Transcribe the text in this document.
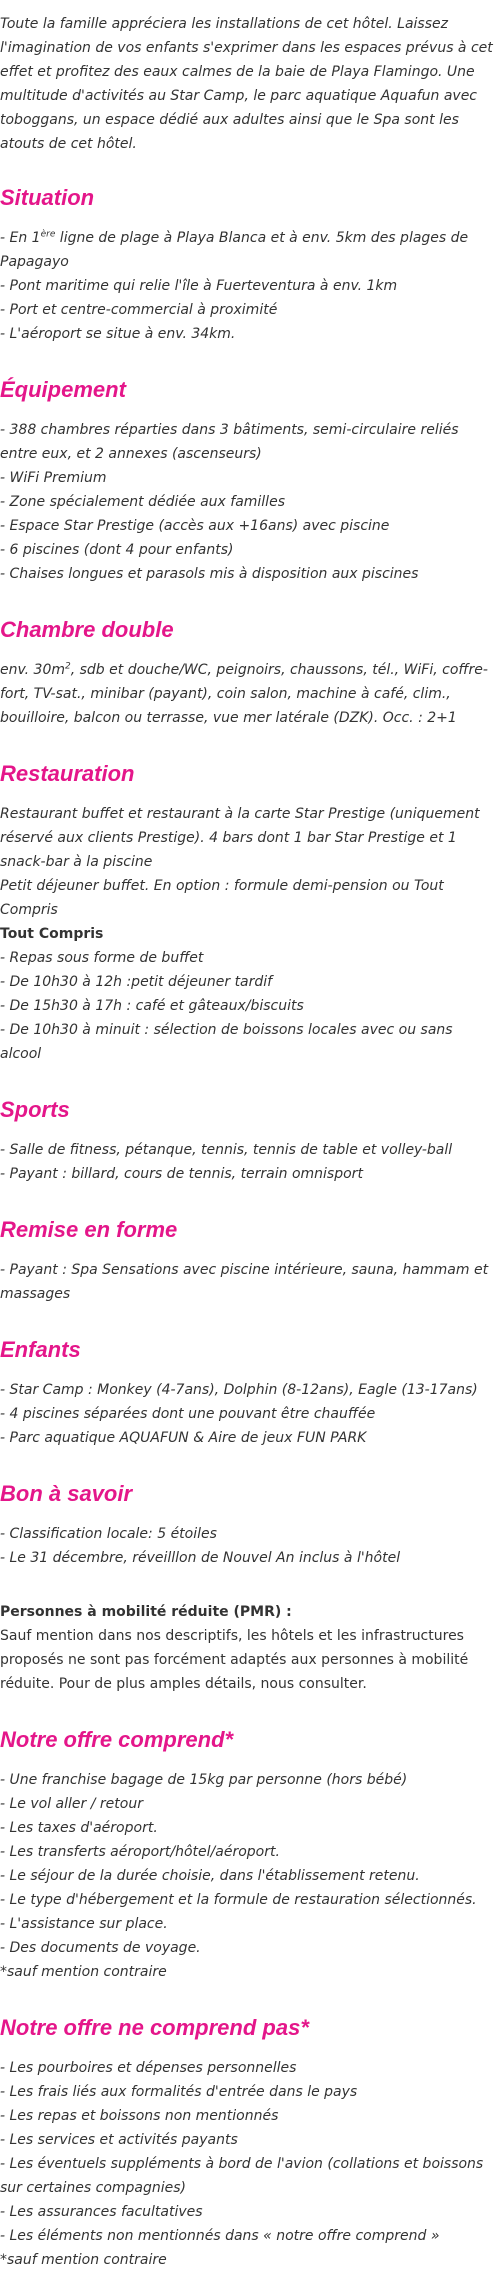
Toute la famille appréciera les installations de cet hôtel. Laissez l'imagination de vos enfants s'exprimer dans les espaces prévus à cet effet et profitez des eaux calmes de la baie de Playa Flamingo. Une multitude d'activités au Star Camp, le parc aquatique Aquafun avec toboggans, un espace dédié aux adultes ainsi que le Spa sont les atouts de cet hôtel.

Situation
- En 1ère ligne de plage à Playa Blanca et à env. 5km des plages de Papagayo
- Pont maritime qui relie l'île à Fuerteventura à env. 1km
- Port et centre-commercial à proximité
- L'aéroport se situe à env. 34km.
Équipement
- 388 chambres réparties dans 3 bâtiments, semi-circulaire reliés entre eux, et 2 annexes (ascenseurs)
- WiFi Premium
- Zone spécialement dédiée aux familles
- Espace Star Prestige (accès aux +16ans) avec piscine
- 6 piscines (dont 4 pour enfants)
- Chaises longues et parasols mis à disposition aux piscines
Chambre double

env. $30m^2$, sdb et douche/WC, peignoirs, chaussons, tél., WiFi, coffre-fort, TV-sat., minibar (payant), coin salon, machine à café, clim., bouilloire, balcon ou terrasse, vue mer latérale (DZK). Occ. : 2+1

Restauration

Restaurant buffet et restaurant à la carte Star Prestige (uniquement réservé aux clients Prestige). 4 bars dont 1 bar Star Prestige et 1 snack-bar à la piscine

Petit déjeuner buffet. En option : formule demi-pension ou Tout Compris

Tout Compris

- Repas sous forme de buffet
- De 10h30 à 12h :petit déjeuner tardif
- De 15h30 à 17h : café et gâteaux/biscuits
- De 10h30 à minuit : sélection de boissons locales avec ou sans alcool
Sports
- Salle de fitness, pétanque, tennis, tennis de table et volley-ball
- Payant : billard, cours de tennis, terrain omnisport
Remise en forme
- Payant : Spa Sensations avec piscine intérieure, sauna, hammam et massages
Enfants
- Star Camp : Monkey (4-7ans), Dolphin (8-12ans), Eagle (13-17ans)
- 4 piscines séparées dont une pouvant être chauffée
- Parc aquatique AQUAFUN & Aire de jeux FUN PARK
Bon à savoir
- Classification locale: 5 étoiles
- Le 31 décembre, réveilllon de Nouvel An inclus à l'hôtel

Personnes à mobilité réduite (PMR) :

Sauf mention dans nos descriptifs, les hôtels et les infrastructures proposés ne sont pas forcément adaptés aux personnes à mobilité réduite. Pour de plus amples détails, nous consulter.

Notre offre comprend*
- Une franchise bagage de 15kg par personne (hors bébé)
- Le vol aller / retour
- Les taxes d'aéroport.
- Les transferts aéroport/hôtel/aéroport.
- Le séjour de la durée choisie, dans l'établissement retenu.
- Le type d'hébergement et la formule de restauration sélectionnés.
- L'assistance sur place.
- Des documents de voyage.

*sauf mention contraire

Notre offre ne comprend pas*
- Les pourboires et dépenses personnelles
- Les frais liés aux formalités d'entrée dans le pays
- Les repas et boissons non mentionnés
- Les services et activités payants
- Les éventuels suppléments à bord de l'avion (collations et boissons sur certaines compagnies)
- Les assurances facultatives
- Les éléments non mentionnés dans « notre offre comprend »

*sauf mention contraire
